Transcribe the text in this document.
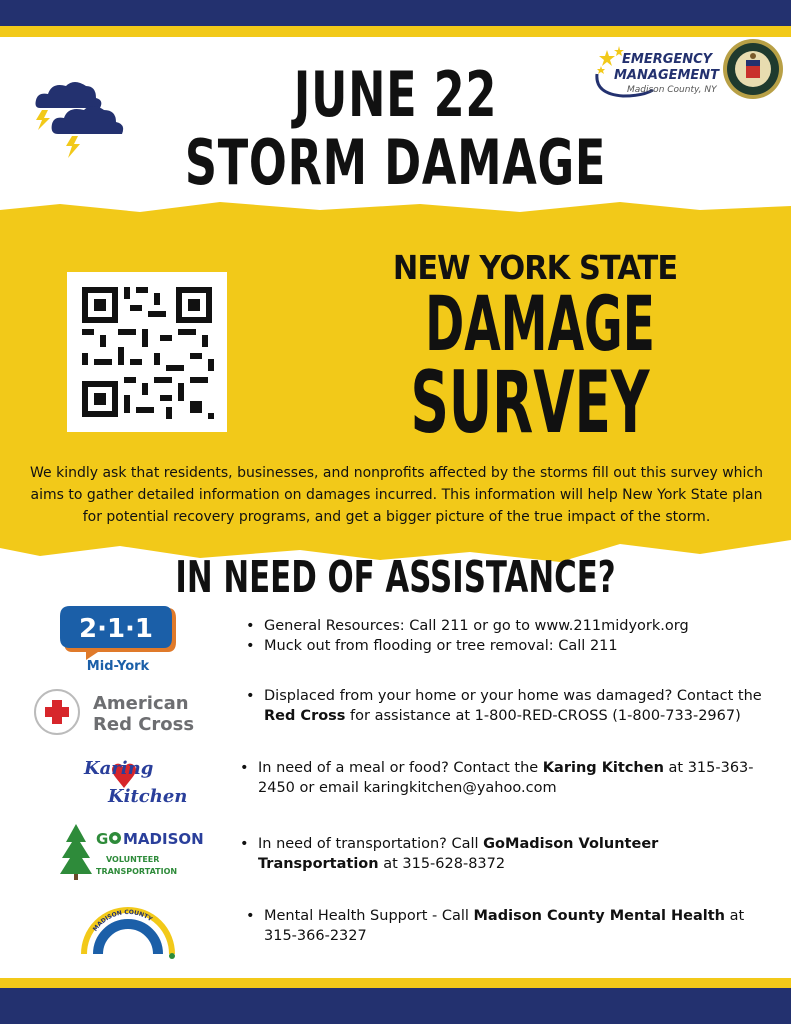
JUNE 22
STORM DAMAGE
EMERGENCY
MANAGEMENT
Madison County, NY
NEW YORK STATE
DAMAGE
SURVEY
We kindly ask that residents, businesses, and nonprofits affected by the storms fill out this survey which aims to gather detailed information on damages incurred. This information will help New York State plan for potential recovery programs, and get a bigger picture of the true impact of the storm.
IN NEED OF ASSISTANCE?
2·1·1
Mid-York
• General Resources: Call 211 or go to www.211midyork.org
• Muck out from flooding or tree removal: Call 211
American
Red Cross
• Displaced from your home or your home was damaged? Contact the Red Cross for assistance at 1-800-RED-CROSS (1-800-733-2967)
Karing
Kitchen
• In need of a meal or food? Contact the Karing Kitchen at 315-363-2450 or email karingkitchen@yahoo.com
G MADISON
VOLUNTEER
TRANSPORTATION
• In need of transportation? Call GoMadison Volunteer Transportation at 315-628-8372
MADISON COUNTY
•	Mental Health Support - Call Madison County Mental Health at 315-366-2327
